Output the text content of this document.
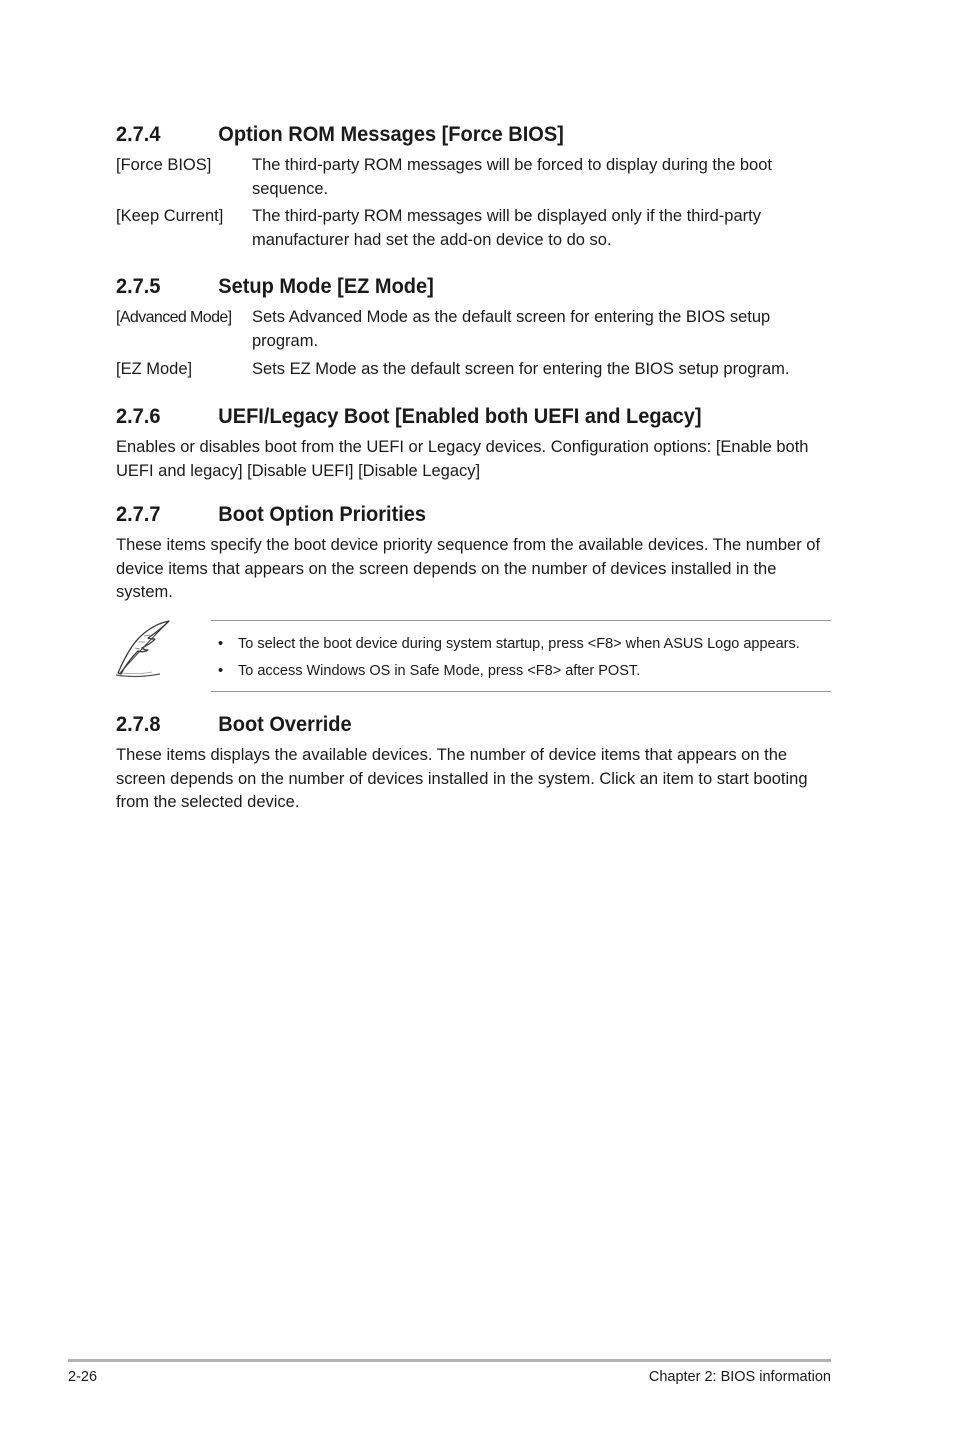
2.7.4	Option ROM Messages [Force BIOS]
[Force BIOS] The third-party ROM messages will be forced to display during the boot sequence.
[Keep Current] The third-party ROM messages will be displayed only if the third-party manufacturer had set the add-on device to do so.
2.7.5	Setup Mode [EZ Mode]
[Advanced Mode] Sets Advanced Mode as the default screen for entering the BIOS setup program.
[EZ Mode]	Sets EZ Mode as the default screen for entering the BIOS setup program.
2.7.6	UEFI/Legacy Boot [Enabled both UEFI and Legacy]

Enables or disables boot from the UEFI or Legacy devices. Configuration options: [Enable both UEFI and legacy] [Disable UEFI] [Disable Legacy]

2.7.7	Boot Option Priorities

These items specify the boot device priority sequence from the available devices. The number of device items that appears on the screen depends on the number of devices installed in the system.

• To select the boot device during system startup, press <F8> when ASUS Logo appears.
• To access Windows OS in Safe Mode, press <F8> after POST.
2.7.8	Boot Override

These items displays the available devices. The number of device items that appears on the screen depends on the number of devices installed in the system. Click an item to start booting from the selected device.

2-26	Chapter 2: BIOS information
